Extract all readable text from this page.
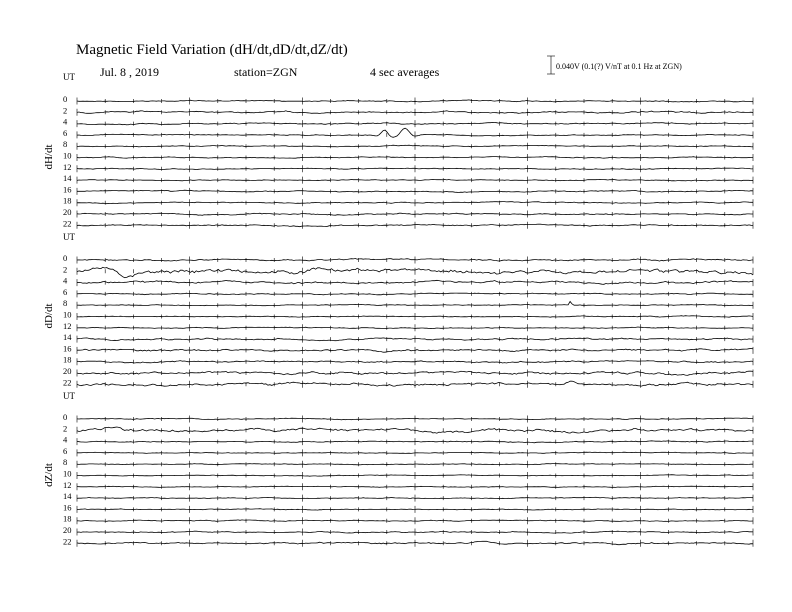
Magnetic Field Variation (dH/dt,dD/dt,dZ/dt)
Jul. 8 , 2019	station=ZGN	4 sec averages	0.040V (0.1(?) V/nT at 0.1 Hz at ZGN)
UT
dH/dt
0
2
4
6
8
10
12
14
16
18
20
22
UT
dD/dt
0
2
4
6
8
10
12
14
16
18
20
22
UT
dZ/dt
0
2
4
6
8
10
12
14
16
18
20
22
